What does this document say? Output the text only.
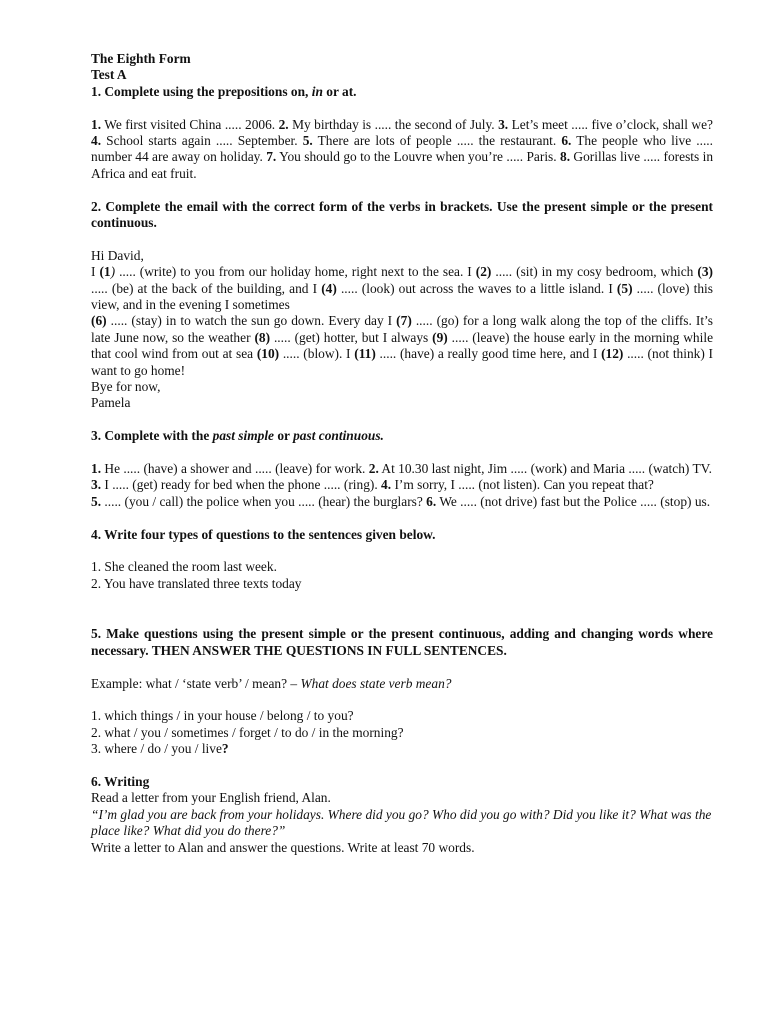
The Eighth Form
Test A

1. Complete using the prepositions on, in or at.

1. We first visited China ..... 2006. 2. My birthday is ..... the second of July. 3. Let’s meet ..... five o’clock, shall we? 4. School starts again ..... September. 5. There are lots of people ..... the restaurant. 6. The people who live ..... number 44 are away on holiday. 7. You should go to the Louvre when you’re ..... Paris. 8. Gorillas live ..... forests in Africa and eat fruit.

2. Complete the email with the correct form of the verbs in brackets. Use the present simple or the present continuous.

Hi David,

I (1) ..... (write) to you from our holiday home, right next to the sea. I (2) ..... (sit) in my cosy bedroom, which (3) ..... (be) at the back of the building, and I (4) ..... (look) out across the waves to a little island. I (5) ..... (love) this view, and in the evening I sometimes

(6) ..... (stay) in to watch the sun go down. Every day I (7) ..... (go) for a long walk along the top of the cliffs. It’s late June now, so the weather (8) ..... (get) hotter, but I always (9) ..... (leave) the house early in the morning while that cool wind from out at sea (10) ..... (blow). I (11) ..... (have) a really good time here, and I (12) ..... (not think) I want to go home!

Bye for now,
Pamela

3. Complete with the past simple or past continuous.

1. He ..... (have) a shower and ..... (leave) for work. 2. At 10.30 last night, Jim ..... (work) and Maria ..... (watch) TV.

3. I ..... (get) ready for bed when the phone ..... (ring). 4. I’m sorry, I ..... (not listen). Can you repeat that?

5. ..... (you / call) the police when you ..... (hear) the burglars? 6. We ..... (not drive) fast but the Police ..... (stop) us.

4. Write four types of questions to the sentences given below.

1. She cleaned the room last week.
2. You have translated three texts today

5. Make questions using the present simple or the present continuous, adding and changing words where necessary. THEN ANSWER THE QUESTIONS IN FULL SENTENCES.

Example: what / ‘state verb’ / mean? – What does state verb mean?

1. which things / in your house / belong / to you?
2. what / you / sometimes / forget / to do / in the morning?

3. where / do / you / live?

6. Writing
Read a letter from your English friend, Alan.

“I’m glad you are back from your holidays. Where did you go? Who did you go with? Did you like it? What was the place like? What did you do there?”

Write a letter to Alan and answer the questions. Write at least 70 words.
